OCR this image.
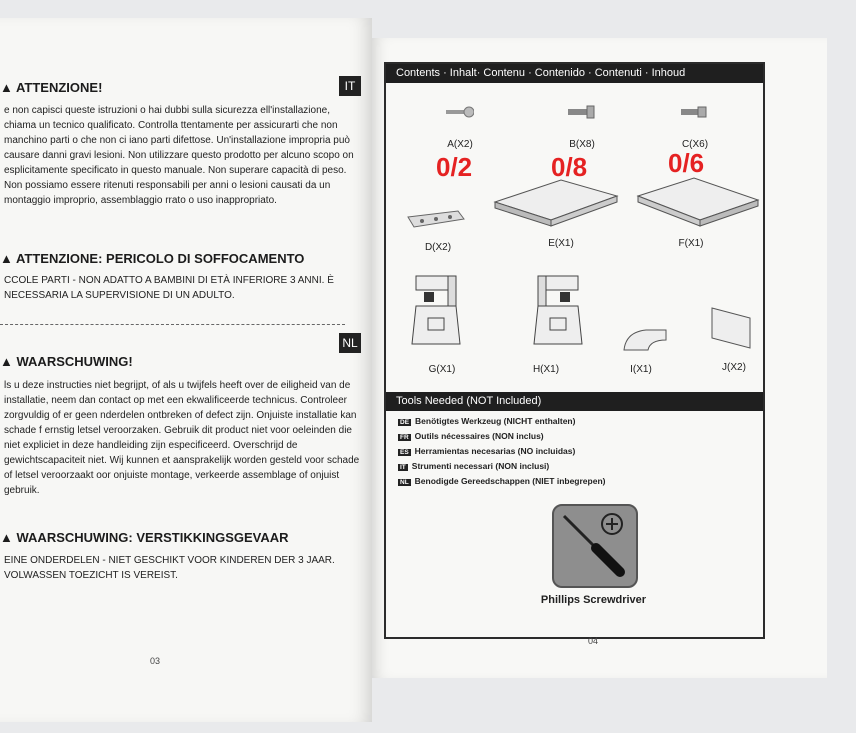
▲ ATTENZIONE!	IT
e non capisci queste istruzioni o hai dubbi sulla sicurezza ell'installazione, chiama un tecnico qualificato. Controlla ttentamente per assicurarti che non manchino parti o che non ci iano parti difettose. Un'installazione impropria può causare danni gravi lesioni. Non utilizzare questo prodotto per alcuno scopo on esplicitamente specificato in questo manuale. Non superare capacità di peso. Non possiamo essere ritenuti responsabili per anni o lesioni causati da un montaggio improprio, assemblaggio rrato o uso inappropriato.
▲ ATTENZIONE: PERICOLO DI SOFFOCAMENTO
CCOLE PARTI - NON ADATTO A BAMBINI DI ETÀ INFERIORE 3 ANNI. È NECESSARIA LA SUPERVISIONE DI UN ADULTO.
▲ WAARSCHUWING!
NL
ls u deze instructies niet begrijpt, of als u twijfels heeft over de eiligheid van de installatie, neem dan contact op met een ekwalificeerde technicus. Controleer zorgvuldig of er geen nderdelen ontbreken of defect zijn. Onjuiste installatie kan schade f ernstig letsel veroorzaken. Gebruik dit product niet voor oeleinden die niet expliciet in deze handleiding zijn especiﬁceerd. Overschrijd de gewichtscapaciteit niet. Wij kunnen et aansprakelijk worden gesteld voor schade of letsel veroorzaakt oor onjuiste montage, verkeerde assemblage of onjuist gebruik.
▲ WAARSCHUWING: VERSTIKKINGSGEVAAR
EINE ONDERDELEN - NIET GESCHIKT VOOR KINDEREN DER 3 JAAR. VOLWASSEN TOEZICHT IS VEREIST.
03
Contents · Inhalt· Contenu · Contenido · Contenuti · Inhoud
A(X2)	B(X8)	C(X6)
0/2	0/8	0/6
D(X2)	E(X1)	F(X1)
G(X1)	H(X1)	I(X1)	J(X2)
Tools Needed (NOT Included)
DE Benötigtes Werkzeug (NICHT enthalten)
FR Outils nécessaires (NON inclus)
ES Herramientas necesarias (NO incluidas)
IT Strumenti necessari (NON inclusi)
NL Benodigde Gereedschappen (NIET inbegrepen)
Phillips Screwdriver
04
